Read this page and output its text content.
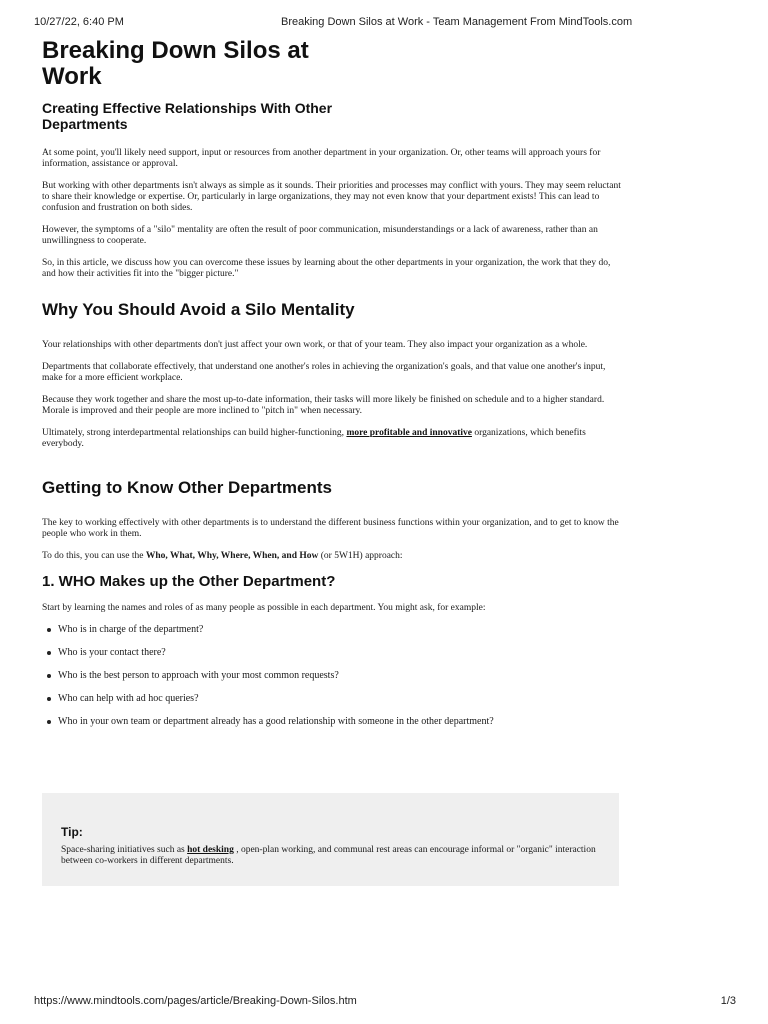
10/27/22, 6:40 PM	Breaking Down Silos at Work - Team Management From MindTools.com
Breaking Down Silos at Work
Creating Effective Relationships With Other Departments

At some point, you'll likely need support, input or resources from another department in your organization. Or, other teams will approach yours for information, assistance or approval.

But working with other departments isn't always as simple as it sounds. Their priorities and processes may conflict with yours. They may seem reluctant to share their knowledge or expertise. Or, particularly in large organizations, they may not even know that your department exists! This can lead to confusion and frustration on both sides.

However, the symptoms of a "silo" mentality are often the result of poor communication, misunderstandings or a lack of awareness, rather than an unwillingness to cooperate.

So, in this article, we discuss how you can overcome these issues by learning about the other departments in your organization, the work that they do, and how their activities fit into the "bigger picture."

Why You Should Avoid a Silo Mentality

Your relationships with other departments don't just affect your own work, or that of your team. They also impact your organization as a whole.

Departments that collaborate effectively, that understand one another's roles in achieving the organization's goals, and that value one another's input, make for a more efficient workplace.

Because they work together and share the most up-to-date information, their tasks will more likely be finished on schedule and to a higher standard. Morale is improved and their people are more inclined to "pitch in" when necessary.

Ultimately, strong interdepartmental relationships can build higher-functioning, more profitable and innovative organizations, which benefits everybody.

Getting to Know Other Departments

The key to working effectively with other departments is to understand the different business functions within your organization, and to get to know the people who work in them.

To do this, you can use the Who, What, Why, Where, When, and How (or 5W1H) approach:

1. WHO Makes up the Other Department?

Start by learning the names and roles of as many people as possible in each department. You might ask, for example:

Who is in charge of the department?
Who is your contact there?
Who is the best person to approach with your most common requests?
Who can help with ad hoc queries?
Who in your own team or department already has a good relationship with someone in the other department?
Tip:
Space-sharing initiatives such as hot desking , open-plan working, and communal rest areas can encourage informal or "organic" interaction between co-workers in different departments.
https://www.mindtools.com/pages/article/Breaking-Down-Silos.htm	1/3
